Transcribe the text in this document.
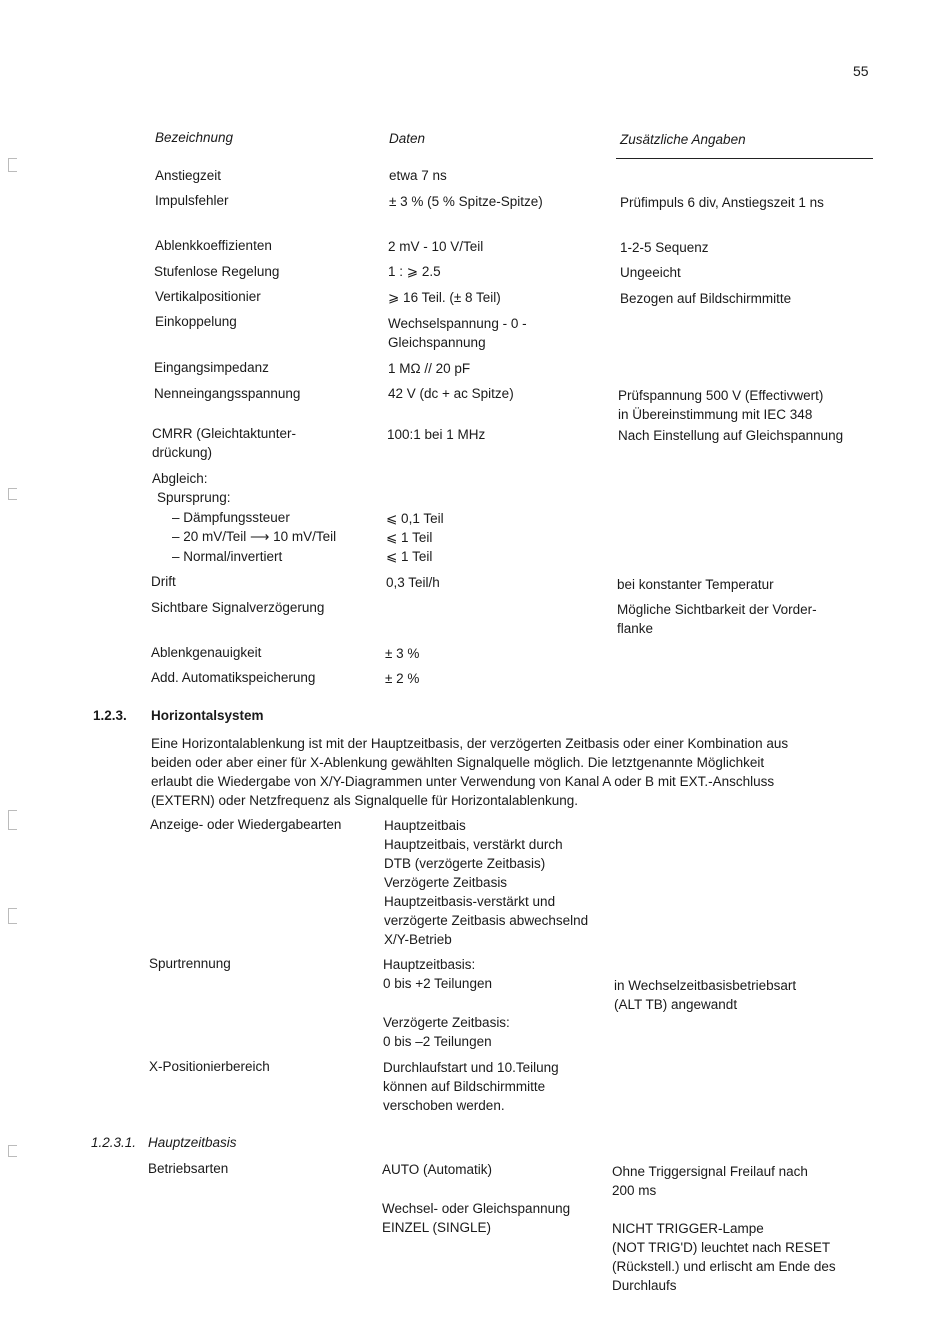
55
Bezeichnung	Daten	Zusätzliche Angaben
Anstiegzeit	etwa 7 ns
Impulsfehler	± 3 % (5 % Spitze-Spitze)	Prüfimpuls 6 div, Anstiegszeit 1 ns
Ablenkkoeffizienten	2 mV - 10 V/Teil	1-2-5 Sequenz
Stufenlose Regelung	1 : ⩾ 2.5	Ungeeicht
Vertikalpositionier	⩾ 16 Teil. (± 8 Teil)	Bezogen auf Bildschirmmitte
Einkoppelung	Wechselspannung - 0 -
Gleichspannung
Eingangsimpedanz	1 MΩ // 20 pF
Nenneingangsspannung	42 V (dc + ac Spitze)	Prüfspannung 500 V (Effectivwert)
in Übereinstimmung mit IEC 348
CMRR (Gleichtaktunter-
drückung)
100:1 bei 1 MHz	Nach Einstellung auf Gleichspannung
Abgleich:
Spursprung:
– Dämpfungssteuer	⩽ 0,1 Teil
– 20 mV/Teil ⟶ 10 mV/Teil	⩽ 1 Teil
– Normal/invertiert	⩽ 1 Teil
Drift	0,3 Teil/h	bei konstanter Temperatur
Sichtbare Signalverzögerung	Mögliche Sichtbarkeit der Vorder-
flanke
Ablenkgenauigkeit	± 3 %
Add. Automatikspeicherung	± 2 %
1.2.3. Horizontalsystem
Eine Horizontalablenkung ist mit der Hauptzeitbasis, der verzögerten Zeitbasis oder einer Kombination aus
beiden oder aber einer für X-Ablenkung gewählten Signalquelle möglich. Die letztgenannte Möglichkeit
erlaubt die Wiedergabe von X/Y-Diagrammen unter Verwendung von Kanal A oder B mit EXT.-Anschluss
(EXTERN) oder Netzfrequenz als Signalquelle für Horizontalablenkung.
Anzeige- oder Wiedergabearten	Hauptzeitbais
Hauptzeitbais, verstärkt durch
DTB (verzögerte Zeitbasis)
Verzögerte Zeitbasis
Hauptzeitbasis-verstärkt und
verzögerte Zeitbasis abwechselnd
X/Y-Betrieb
Spurtrennung	Hauptzeitbasis:
0 bis +2 Teilungen	in Wechselzeitbasisbetriebsart
(ALT TB) angewandt
Verzögerte Zeitbasis:
0 bis –2 Teilungen
X-Positionierbereich	Durchlaufstart und 10.Teilung
können auf Bildschirmmitte
verschoben werden.
1.2.3.1. Hauptzeitbasis
Betriebsarten	AUTO (Automatik)	Ohne Triggersignal Freilauf nach
200 ms
Wechsel- oder Gleichspannung
EINZEL (SINGLE)	NICHT TRIGGER-Lampe
(NOT TRIG'D) leuchtet nach RESET
(Rückstell.) und erlischt am Ende des
Durchlaufs
